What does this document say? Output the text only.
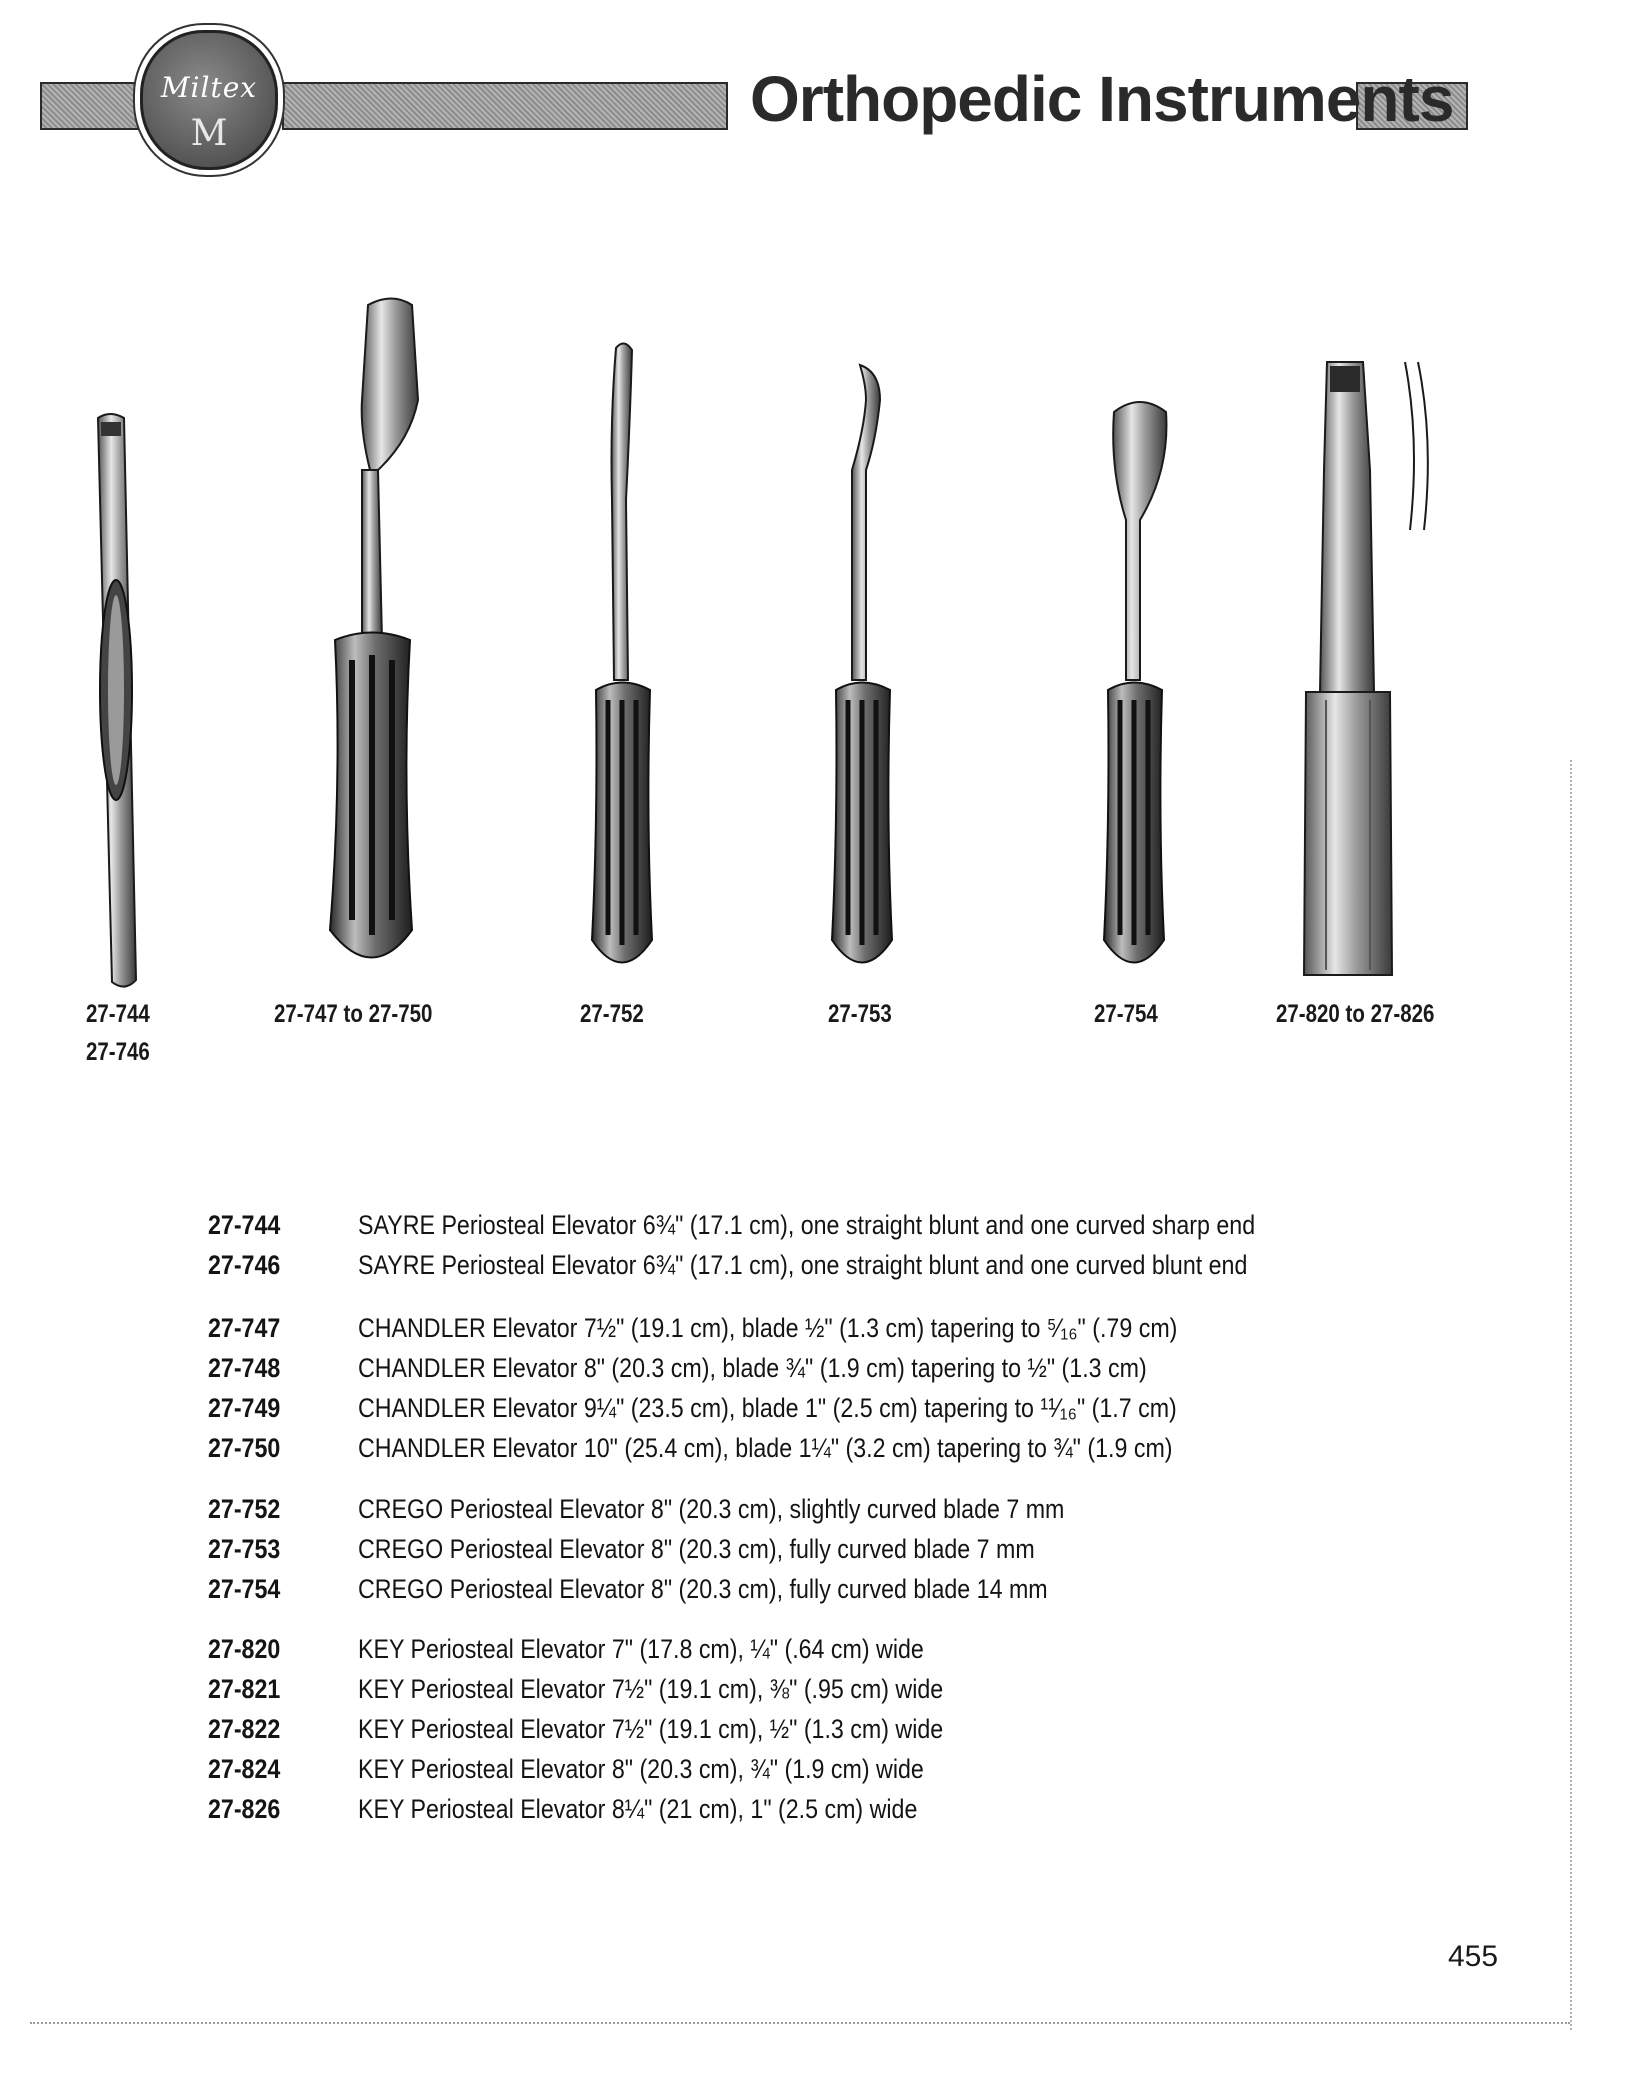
Miltex
M	Orthopedic Instruments
27-744
27-746
27-747 to 27-750	27-752	27-753	27-754	27-820 to 27-826
27-744	SAYRE Periosteal Elevator 6¾" (17.1 cm), one straight blunt and one curved sharp end
27-746	SAYRE Periosteal Elevator 6¾" (17.1 cm), one straight blunt and one curved blunt end
27-747	CHANDLER Elevator 7½" (19.1 cm), blade ½" (1.3 cm) tapering to ⁵⁄₁₆" (.79 cm)
27-748	CHANDLER Elevator 8" (20.3 cm), blade ¾" (1.9 cm) tapering to ½" (1.3 cm)
27-749	CHANDLER Elevator 9¼" (23.5 cm), blade 1" (2.5 cm) tapering to ¹¹⁄₁₆" (1.7 cm)
27-750	CHANDLER Elevator 10" (25.4 cm), blade 1¼" (3.2 cm) tapering to ¾" (1.9 cm)
27-752	CREGO Periosteal Elevator 8" (20.3 cm), slightly curved blade 7 mm
27-753	CREGO Periosteal Elevator 8" (20.3 cm), fully curved blade 7 mm
27-754	CREGO Periosteal Elevator 8" (20.3 cm), fully curved blade 14 mm
27-820	KEY Periosteal Elevator 7" (17.8 cm), ¼" (.64 cm) wide
27-821	KEY Periosteal Elevator 7½" (19.1 cm), ⅜" (.95 cm) wide
27-822	KEY Periosteal Elevator 7½" (19.1 cm), ½" (1.3 cm) wide
27-824	KEY Periosteal Elevator 8" (20.3 cm), ¾" (1.9 cm) wide
27-826	KEY Periosteal Elevator 8¼" (21 cm), 1" (2.5 cm) wide
455
